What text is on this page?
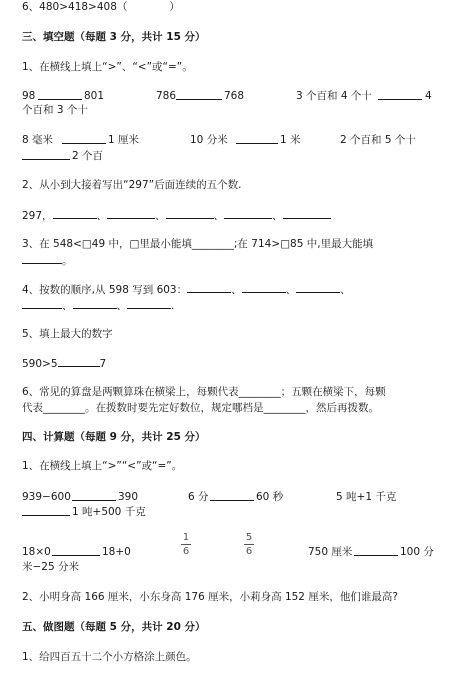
6、480>418>408（　　　　）
三、填空题（每题 3 分，共计 15 分）
1、在横线上填上“>”、“<”或“=”。
98	801	786	768	3 个百和 4 个十	4
个百和 3 个十
8 毫米	1 厘米	10 分米	1 米	2 个百和 5 个十
2 个百
2、从小到大接着写出“297”后面连续的五个数.
297，	、	、	、	、
3、在 548<□49 中，□里最小能填________;在 714>□85 中,里最大能填
。
4、按数的顺序,从 598 写到 603：	、	、	、
、	、	.
5、填上最大的数字
590>5	7
6、常见的算盘是两颗算珠在横梁上，每颗代表________；五颗在横梁下，每颗
代表________。在拨数时要先定好数位，规定哪档是________，然后再拨数。
四、计算题（每题 9 分，共计 25 分）
1、在横线上填上“>”“<”或“=”。
939−600	390	6 分	60 秒	5 吨+1 千克
1 吨+500 千克
18×0	18+0
1
6
5
6	750 厘米	100 分
米−25 分米
2、小明身高 166 厘米，小东身高 176 厘米，小莉身高 152 厘米，他们谁最高?
五、做图题（每题 5 分，共计 20 分）
1、给四百五十二个小方格涂上颜色。
